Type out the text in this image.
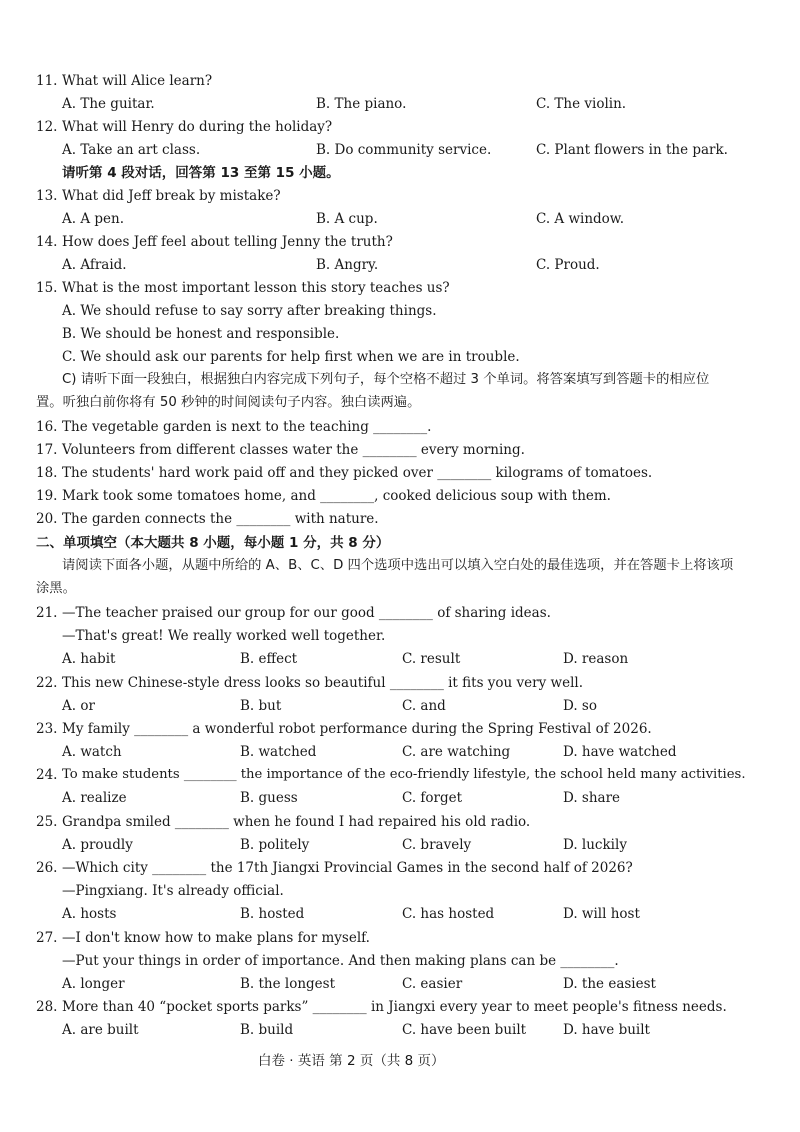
11. What will Alice learn?
A. The guitar.	B. The piano.	C. The violin.
12. What will Henry do during the holiday?
A. Take an art class.	B. Do community service.	C. Plant flowers in the park.
请听第 4 段对话，回答第 13 至第 15 小题。
13. What did Jeff break by mistake?
A. A pen.	B. A cup.	C. A window.
14. How does Jeff feel about telling Jenny the truth?
A. Afraid.	B. Angry.	C. Proud.
15. What is the most important lesson this story teaches us?
A. We should refuse to say sorry after breaking things.
B. We should be honest and responsible.
C. We should ask our parents for help first when we are in trouble.
C) 请听下面一段独白，根据独白内容完成下列句子，每个空格不超过 3 个单词。将答案填写到答题卡的相应位
置。听独白前你将有 50 秒钟的时间阅读句子内容。独白读两遍。
16. The vegetable garden is next to the teaching ________.
17. Volunteers from different classes water the ________ every morning.
18. The students' hard work paid off and they picked over ________ kilograms of tomatoes.
19. Mark took some tomatoes home, and ________, cooked delicious soup with them.
20. The garden connects the ________ with nature.
二、单项填空（本大题共 8 小题，每小题 1 分，共 8 分）
请阅读下面各小题，从题中所给的 A、B、C、D 四个选项中选出可以填入空白处的最佳选项，并在答题卡上将该项
涂黑。
21. —The teacher praised our group for our good ________ of sharing ideas.
—That's great! We really worked well together.
A. habit	B. effect	C. result	D. reason
22. This new Chinese-style dress looks so beautiful ________ it fits you very well.
A. or	B. but	C. and	D. so
23. My family ________ a wonderful robot performance during the Spring Festival of 2026.
A. watch	B. watched	C. are watching	D. have watched
24. To make students ________ the importance of the eco-friendly lifestyle, the school held many activities.
A. realize	B. guess	C. forget	D. share
25. Grandpa smiled ________ when he found I had repaired his old radio.
A. proudly	B. politely	C. bravely	D. luckily
26. —Which city ________ the 17th Jiangxi Provincial Games in the second half of 2026?
—Pingxiang. It's already official.
A. hosts	B. hosted	C. has hosted	D. will host
27. —I don't know how to make plans for myself.
—Put your things in order of importance. And then making plans can be ________.
A. longer	B. the longest	C. easier	D. the easiest
28. More than 40 “pocket sports parks” ________ in Jiangxi every year to meet people's fitness needs.
A. are built	B. build	C. have been built	D. have built
白卷 · 英语 第 2 页（共 8 页）
